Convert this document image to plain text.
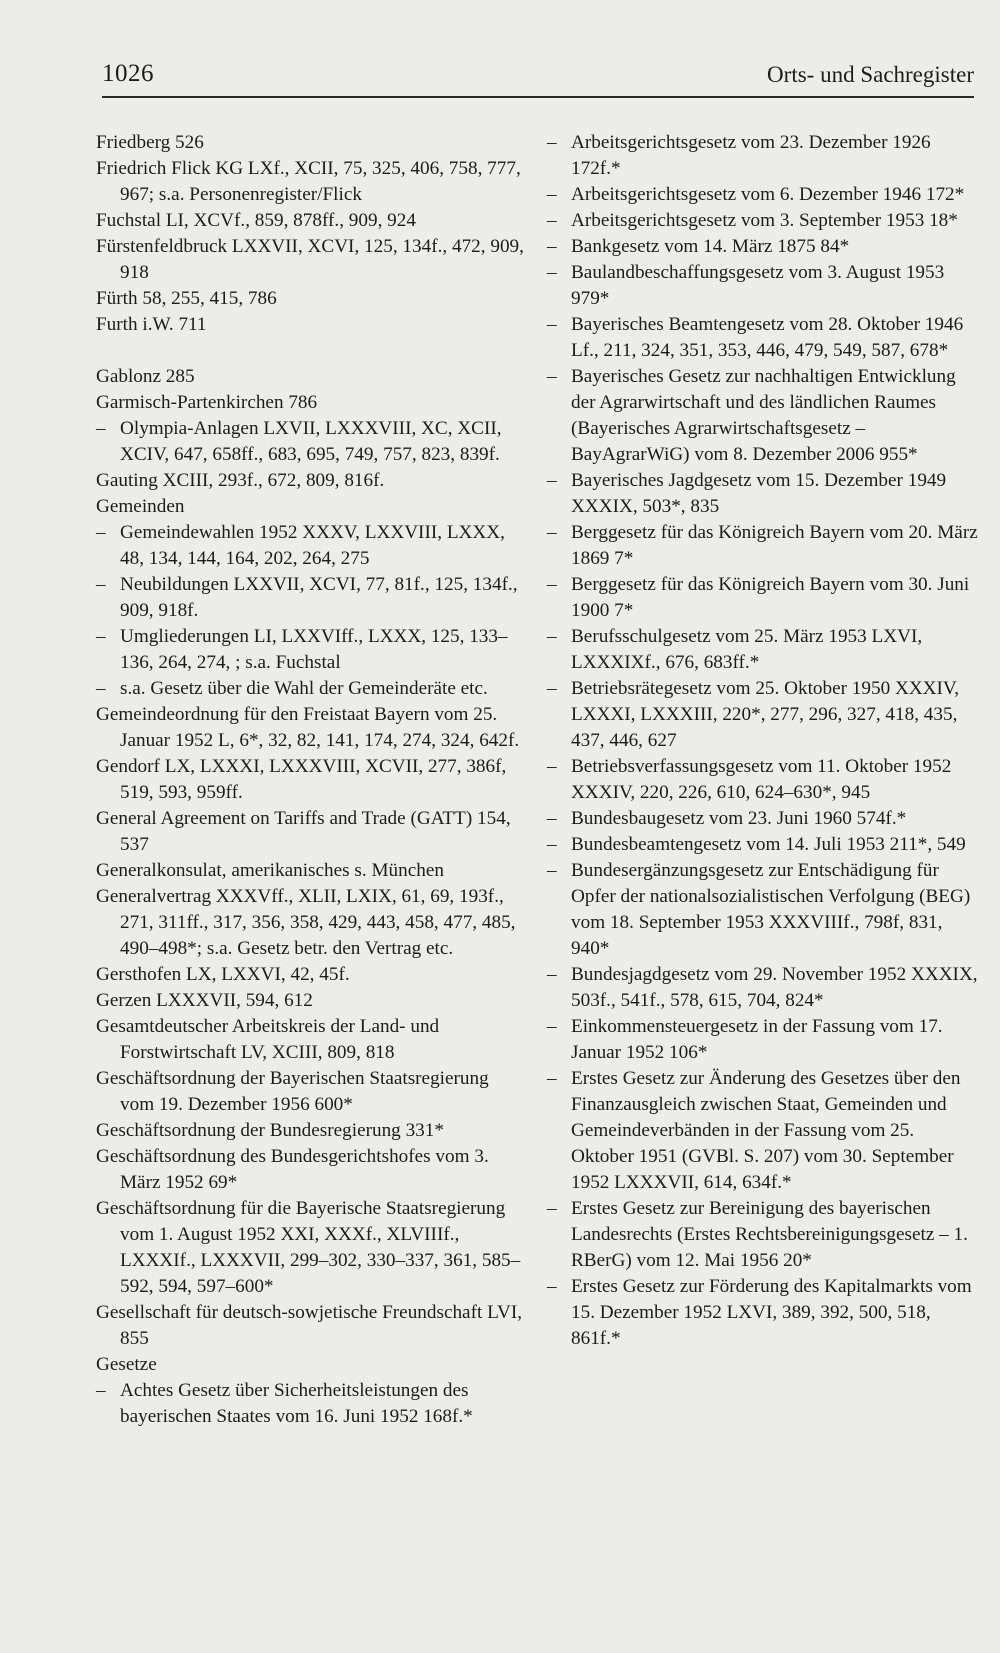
1026	Orts- und Sachregister

Friedberg 526

Friedrich Flick KG LXf., XCII, 75, 325, 406, 758, 777, 967; s.a. Personenregister/Flick

Fuchstal LI, XCVf., 859, 878ff., 909, 924

Fürstenfeldbruck LXXVII, XCVI, 125, 134f., 472, 909, 918

Fürth 58, 255, 415, 786

Furth i.W. 711

Gablonz 285

Garmisch-Partenkirchen 786

– Olympia-Anlagen LXVII, LXXXVIII, XC, XCII, XCIV, 647, 658ff., 683, 695, 749, 757, 823, 839f.

Gauting XCIII, 293f., 672, 809, 816f.

Gemeinden

– Gemeindewahlen 1952 XXXV, LXXVIII, LXXX, 48, 134, 144, 164, 202, 264, 275

– Neubildungen LXXVII, XCVI, 77, 81f., 125, 134f., 909, 918f.

– Umgliederungen LI, LXXVIff., LXXX, 125, 133–136, 264, 274, ; s.a. Fuchstal

– s.a. Gesetz über die Wahl der Gemeinderäte etc.

Gemeindeordnung für den Freistaat Bayern vom 25. Januar 1952 L, 6*, 32, 82, 141, 174, 274, 324, 642f.

Gendorf LX, LXXXI, LXXXVIII, XCVII, 277, 386f, 519, 593, 959ff.

General Agreement on Tariffs and Trade (GATT) 154, 537

Generalkonsulat, amerikanisches s. München

Generalvertrag XXXVff., XLII, LXIX, 61, 69, 193f., 271, 311ff., 317, 356, 358, 429, 443, 458, 477, 485, 490–498*; s.a. Gesetz betr. den Vertrag etc.

Gersthofen LX, LXXVI, 42, 45f.

Gerzen LXXXVII, 594, 612

Gesamtdeutscher Arbeitskreis der Land- und Forstwirtschaft LV, XCIII, 809, 818

Geschäftsordnung der Bayerischen Staatsregierung vom 19. Dezember 1956 600*

Geschäftsordnung der Bundesregierung 331*

Geschäftsordnung des Bundesgerichtshofes vom 3. März 1952 69*

Geschäftsordnung für die Bayerische Staatsregierung vom 1. August 1952 XXI, XXXf., XLVIIIf., LXXXIf., LXXXVII, 299–302, 330–337, 361, 585–592, 594, 597–600*

Gesellschaft für deutsch-sowjetische Freundschaft LVI, 855

Gesetze

– Achtes Gesetz über Sicherheitsleistungen des bayerischen Staates vom 16. Juni 1952 168f.*

– Arbeitsgerichtsgesetz vom 23. Dezember 1926 172f.*

– Arbeitsgerichtsgesetz vom 6. Dezember 1946 172*

– Arbeitsgerichtsgesetz vom 3. September 1953 18*

– Bankgesetz vom 14. März 1875 84*

– Baulandbeschaffungsgesetz vom 3. August 1953 979*

– Bayerisches Beamtengesetz vom 28. Oktober 1946 Lf., 211, 324, 351, 353, 446, 479, 549, 587, 678*

– Bayerisches Gesetz zur nachhaltigen Entwicklung der Agrarwirtschaft und des ländlichen Raumes (Bayerisches Agrarwirtschaftsgesetz – BayAgrarWiG) vom 8. Dezember 2006 955*

– Bayerisches Jagdgesetz vom 15. Dezember 1949 XXXIX, 503*, 835

– Berggesetz für das Königreich Bayern vom 20. März 1869 7*

– Berggesetz für das Königreich Bayern vom 30. Juni 1900 7*

– Berufsschulgesetz vom 25. März 1953 LXVI, LXXXIXf., 676, 683ff.*

– Betriebsrätegesetz vom 25. Oktober 1950 XXXIV, LXXXI, LXXXIII, 220*, 277, 296, 327, 418, 435, 437, 446, 627

– Betriebsverfassungsgesetz vom 11. Oktober 1952 XXXIV, 220, 226, 610, 624–630*, 945

– Bundesbaugesetz vom 23. Juni 1960 574f.*

– Bundesbeamtengesetz vom 14. Juli 1953 211*, 549

– Bundesergänzungsgesetz zur Entschädigung für Opfer der nationalsozialistischen Verfolgung (BEG) vom 18. September 1953 XXXVIIIf., 798f, 831, 940*

– Bundesjagdgesetz vom 29. November 1952 XXXIX, 503f., 541f., 578, 615, 704, 824*

– Einkommensteuergesetz in der Fassung vom 17. Januar 1952 106*

– Erstes Gesetz zur Änderung des Gesetzes über den Finanzausgleich zwischen Staat, Gemeinden und Gemeindeverbänden in der Fassung vom 25. Oktober 1951 (GVBl. S. 207) vom 30. September 1952 LXXXVII, 614, 634f.*

– Erstes Gesetz zur Bereinigung des bayerischen Landesrechts (Erstes Rechtsbereinigungsgesetz – 1. RBerG) vom 12. Mai 1956 20*

– Erstes Gesetz zur Förderung des Kapitalmarkts vom 15. Dezember 1952 LXVI, 389, 392, 500, 518, 861f.*
